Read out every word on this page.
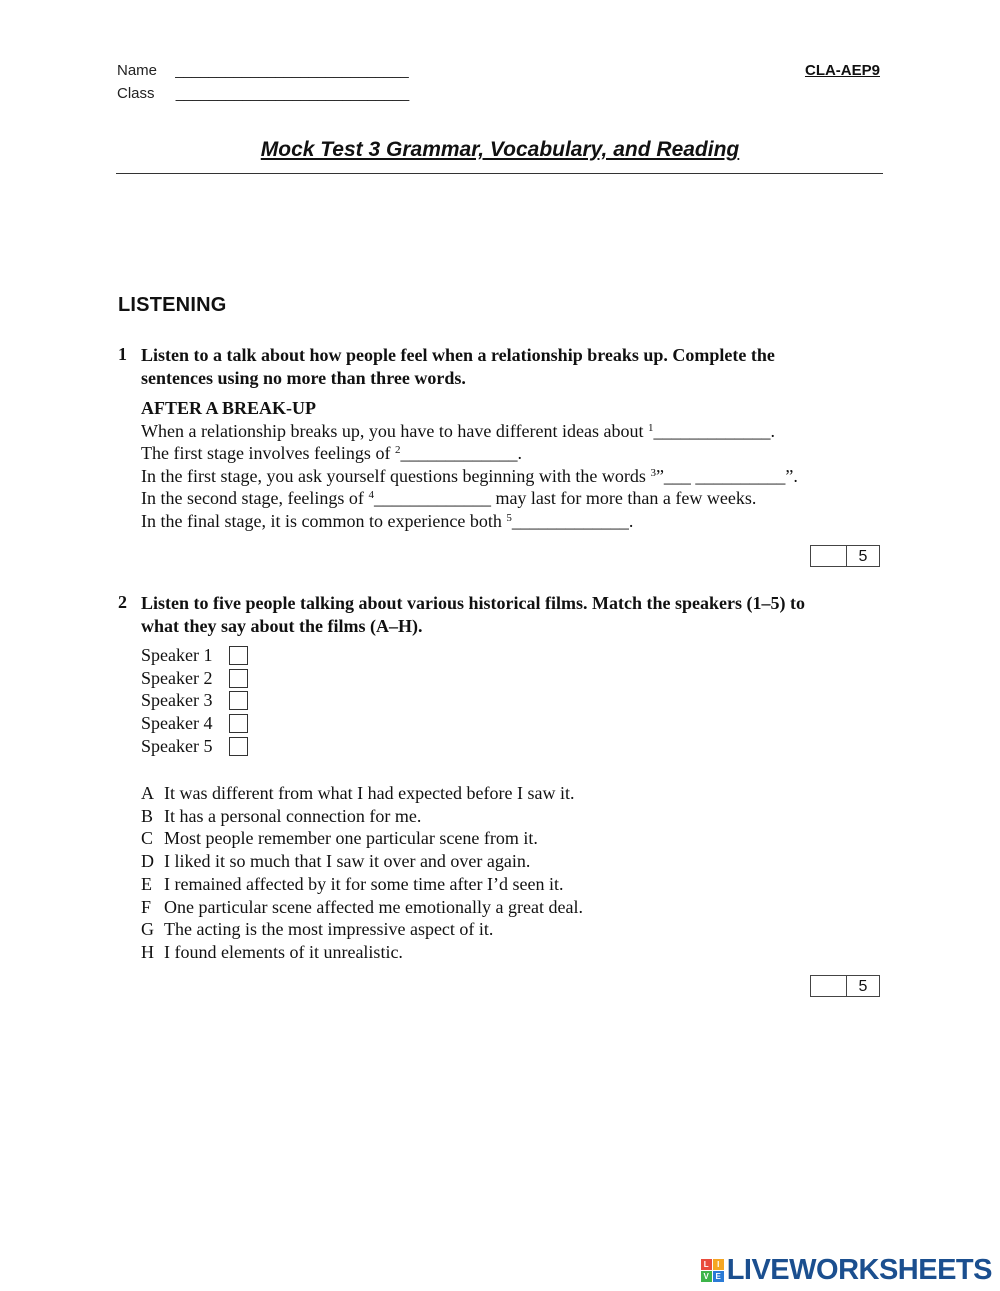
Name ____________________________
Class ____________________________
CLA-AEP9
Mock Test 3 Grammar, Vocabulary, and Reading
LISTENING
1 Listen to a talk about how people feel when a relationship breaks up. Complete the
sentences using no more than three words.
AFTER A BREAK-UP
When a relationship breaks up, you have to have different ideas about $^1$_____________.
The first stage involves feelings of $^2$_____________.
In the first stage, you ask yourself questions beginning with the words $^3$”___ __________”.
In the second stage, feelings of $^4$_____________ may last for more than a few weeks.
In the final stage, it is common to experience both $^5$_____________.
5
2 Listen to five people talking about various historical films. Match the speakers (1–5) to
what they say about the films (A–H).
Speaker 1
Speaker 2
Speaker 3
Speaker 4
Speaker 5
A It was different from what I had expected before I saw it.
B It has a personal connection for me.
C Most people remember one particular scene from it.
D I liked it so much that I saw it over and over again.
E I remained affected by it for some time after I’d seen it.
F One particular scene affected me emotionally a great deal.
G The acting is the most impressive aspect of it.
H I found elements of it unrealistic.
5
L	I
V E LIVEWORKSHEETS
